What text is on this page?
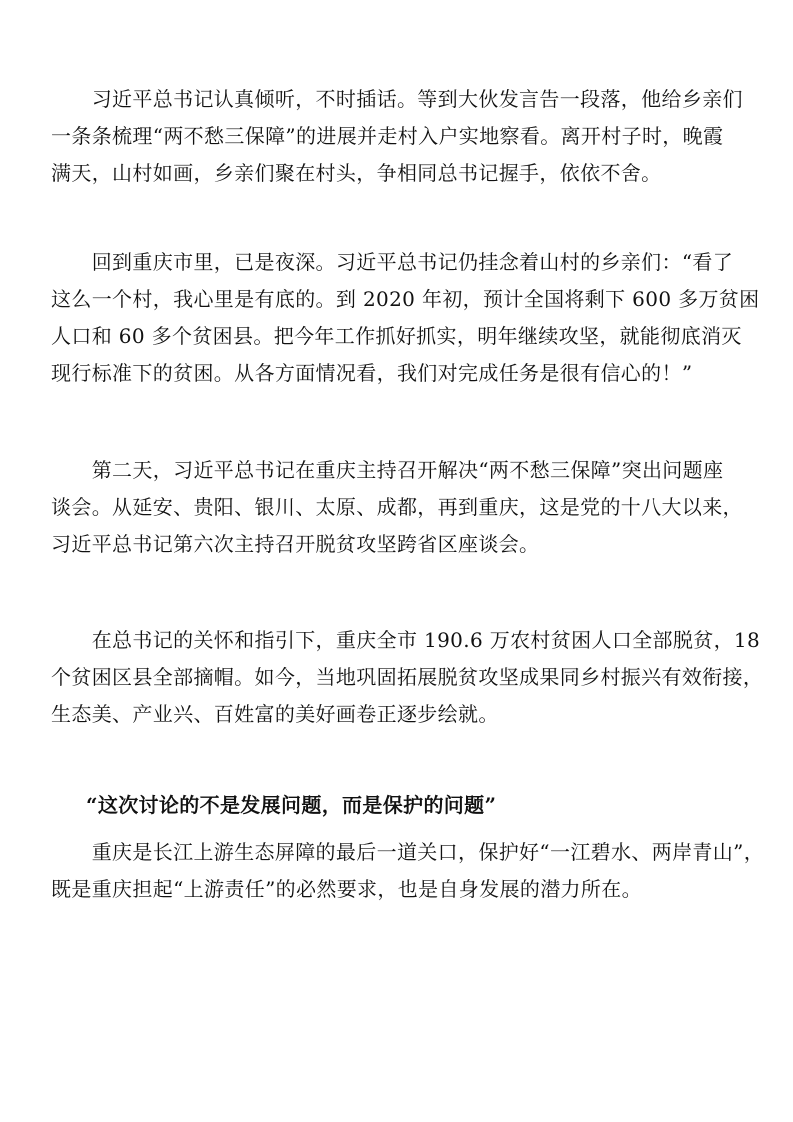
　　习近平总书记认真倾听，不时插话。等到大伙发言告一段落，他给乡亲们
一条条梳理“两不愁三保障”的进展并走村入户实地察看。离开村子时，晚霞
满天，山村如画，乡亲们聚在村头，争相同总书记握手，依依不舍。

　　回到重庆市里，已是夜深。习近平总书记仍挂念着山村的乡亲们：“看了
这么一个村，我心里是有底的。到 2020 年初，预计全国将剩下 600 多万贫困
人口和 60 多个贫困县。把今年工作抓好抓实，明年继续攻坚，就能彻底消灭
现行标准下的贫困。从各方面情况看，我们对完成任务是很有信心的！”

　　第二天，习近平总书记在重庆主持召开解决“两不愁三保障”突出问题座
谈会。从延安、贵阳、银川、太原、成都，再到重庆，这是党的十八大以来，
习近平总书记第六次主持召开脱贫攻坚跨省区座谈会。

　　在总书记的关怀和指引下，重庆全市 190.6 万农村贫困人口全部脱贫，18
个贫困区县全部摘帽。如今，当地巩固拓展脱贫攻坚成果同乡村振兴有效衔接，
生态美、产业兴、百姓富的美好画卷正逐步绘就。

“这次讨论的不是发展问题，而是保护的问题”

　　重庆是长江上游生态屏障的最后一道关口，保护好“一江碧水、两岸青山”，
既是重庆担起“上游责任”的必然要求，也是自身发展的潜力所在。
